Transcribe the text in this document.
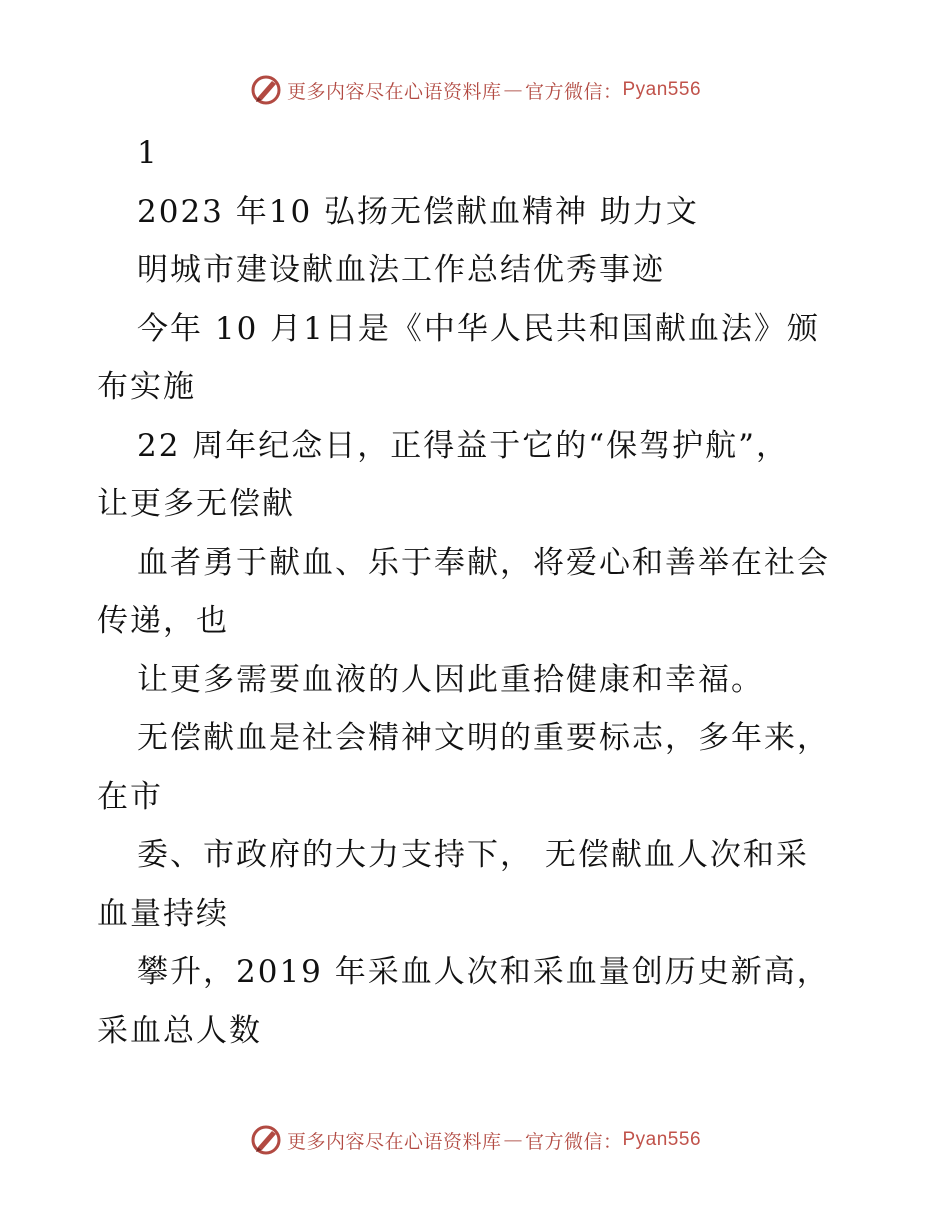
更多内容尽在心语资料库 — 官方微信： Pyan556
1
2023 年10 弘扬无偿献血精神 助力文
明城市建设献血法工作总结优秀事迹
今年 10 月1日是《中华人民共和国献血法》颁
布实施
22 周年纪念日，正得益于它的“保驾护航”，
让更多无偿献
血者勇于献血、乐于奉献，将爱心和善举在社会
传递，也
让更多需要血液的人因此重拾健康和幸福。
无偿献血是社会精神文明的重要标志，多年来，
在市
委、市政府的大力支持下， 无偿献血人次和采
血量持续
攀升，2019 年采血人次和采血量创历史新高，
采血总人数
更多内容尽在心语资料库 — 官方微信： Pyan556
